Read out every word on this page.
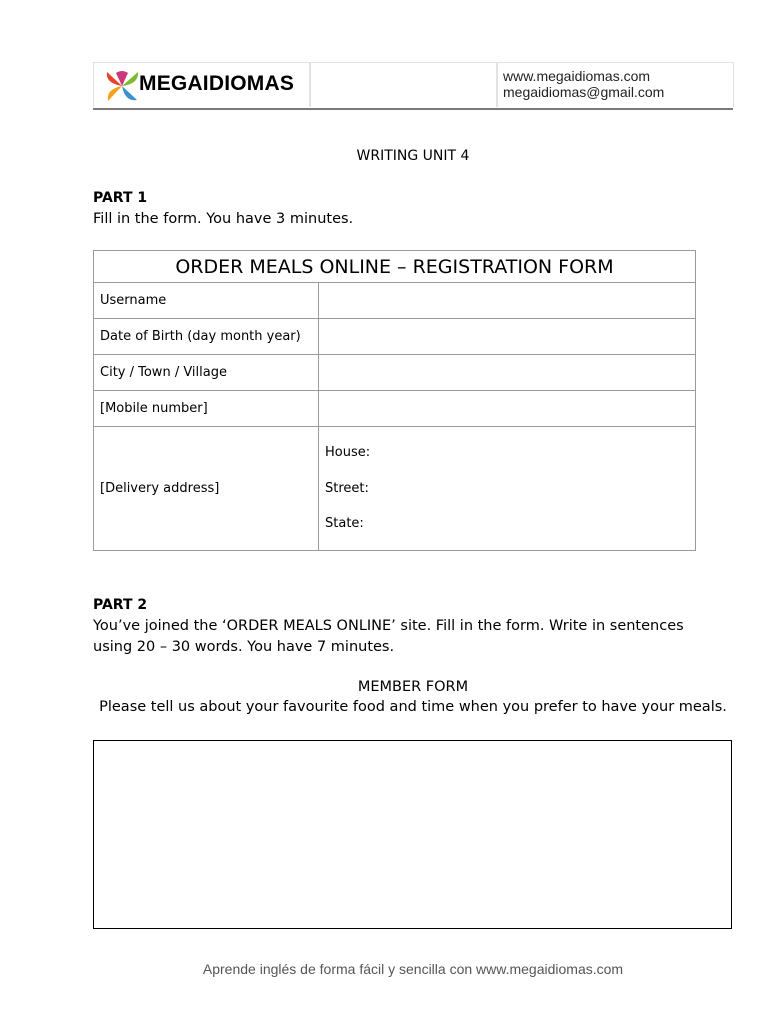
MEGAIDIOMAS	www.megaidiomas.com
megaidiomas@gmail.com
WRITING UNIT 4
PART 1
Fill in the form. You have 3 minutes.
ORDER MEALS ONLINE – REGISTRATION FORM	
Username	
Date of Birth (day month year)	
City / Town / Village	
[Mobile number]	
[Delivery address]	House:
Street:
State:
PART 2
You’ve joined the ‘ORDER MEALS ONLINE’ site. Fill in the form. Write in sentences
using 20 – 30 words. You have 7 minutes.
MEMBER FORM
Please tell us about your favourite food and time when you prefer to have your meals.
Aprende inglés de forma fácil y sencilla con www.megaidiomas.com
